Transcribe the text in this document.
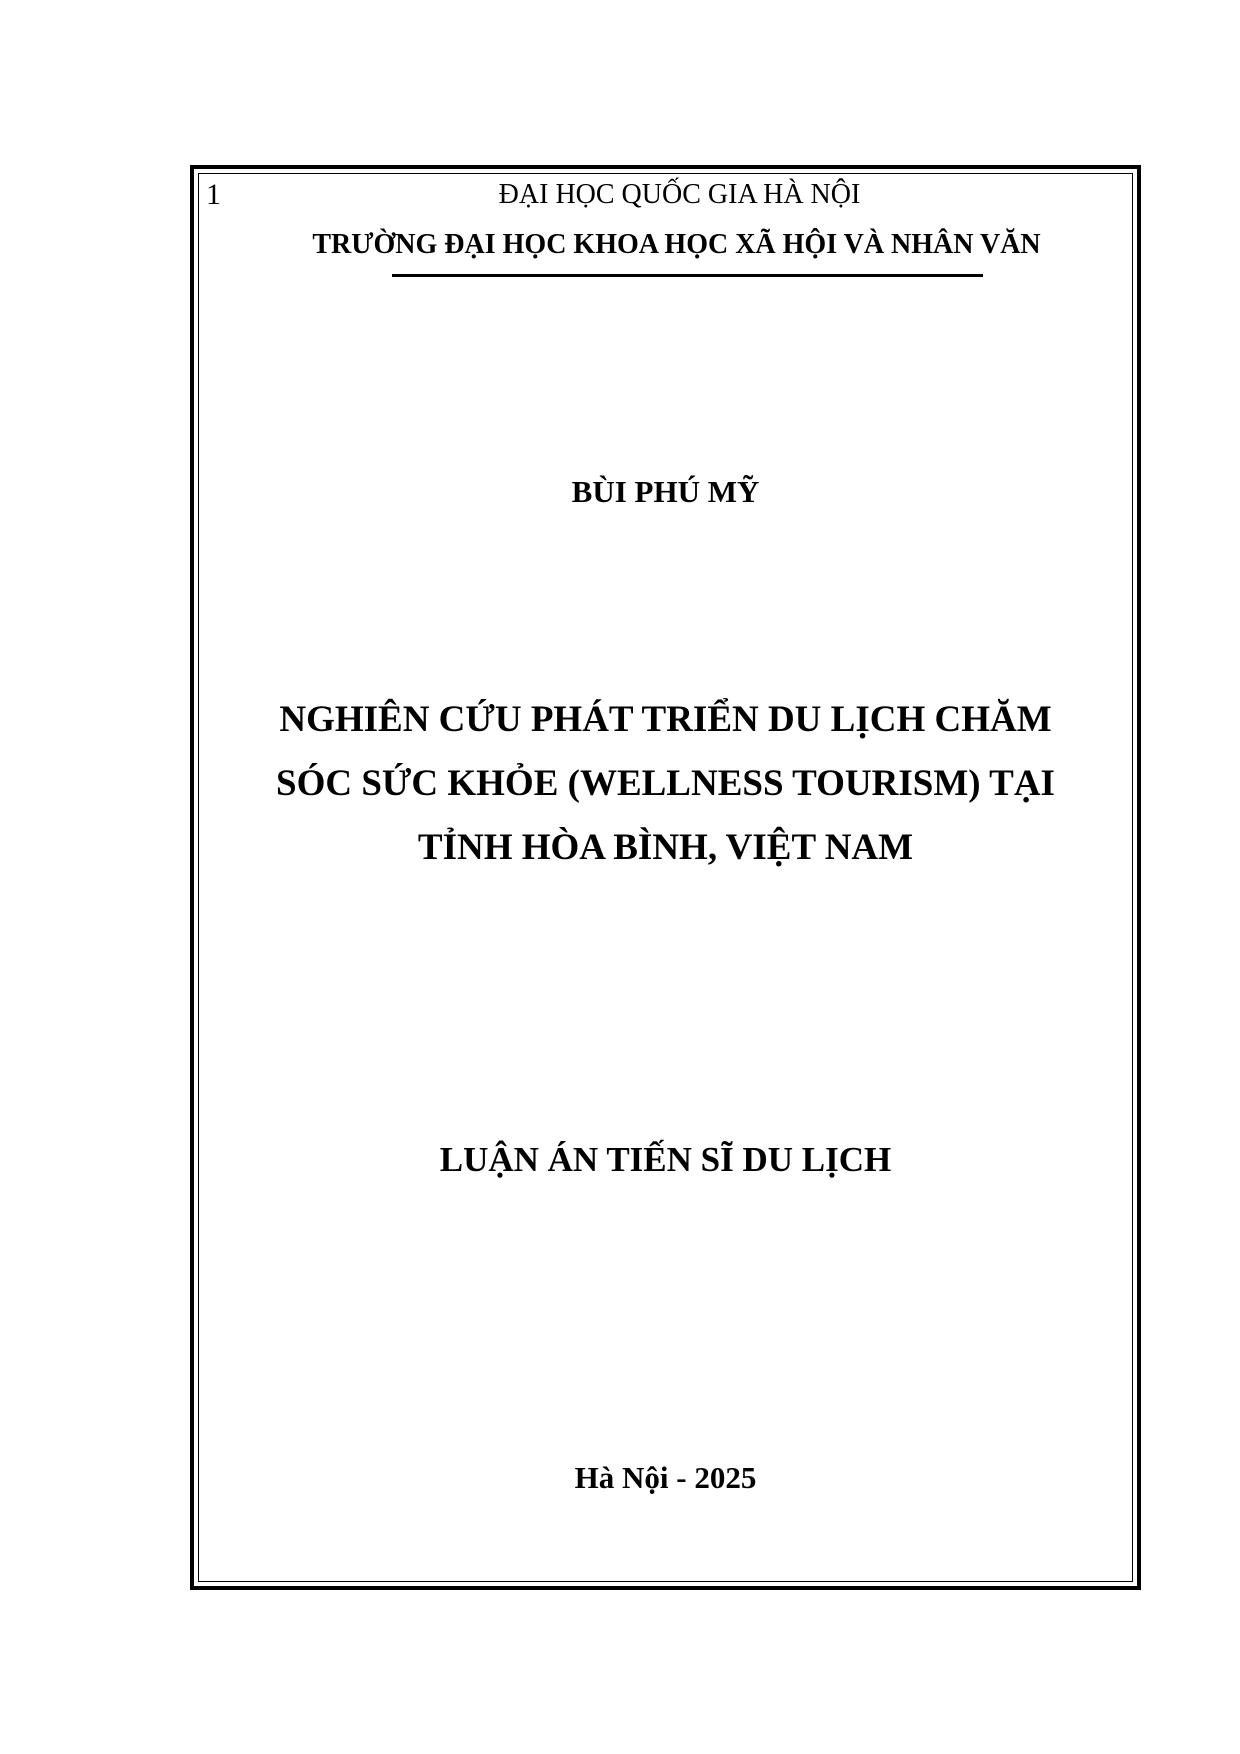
1	ĐẠI HỌC QUỐC GIA HÀ NỘI
TRƯỜNG ĐẠI HỌC KHOA HỌC XÃ HỘI VÀ NHÂN VĂN
BÙI PHÚ MỸ
NGHIÊN CỨU PHÁT TRIỂN DU LỊCH CHĂM
SÓC SỨC KHỎE (WELLNESS TOURISM) TẠI
TỈNH HÒA BÌNH, VIỆT NAM
LUẬN ÁN TIẾN SĨ DU LỊCH
Hà Nội - 2025
